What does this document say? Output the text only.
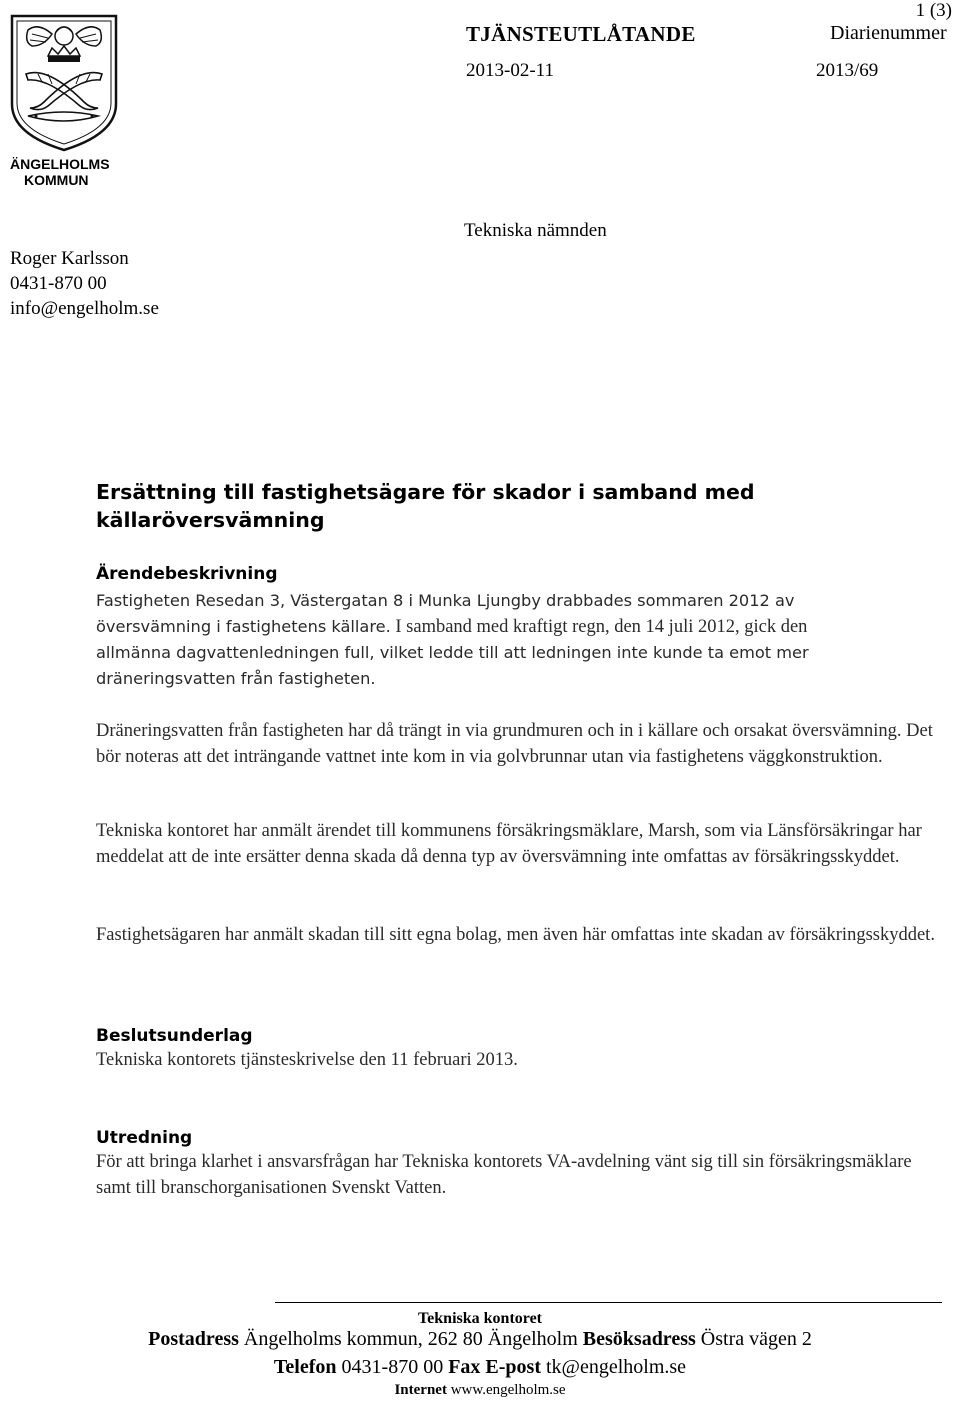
ÄNGELHOLMS
KOMMUN
1 (3)
TJÄNSTEUTLÅTANDE	Diarienummer
2013-02-11	2013/69
Roger Karlsson
0431-870 00
info@engelholm.se
Tekniska nämnden
Ersättning till fastighetsägare för skador i samband med
källaröversvämning
Ärendebeskrivning
Fastigheten Resedan 3, Västergatan 8 i Munka Ljungby drabbades sommaren 2012 av
översvämning i fastighetens källare. I samband med kraftigt regn, den 14 juli 2012, gick den
allmänna dagvattenledningen full, vilket ledde till att ledningen inte kunde ta emot mer
dräneringsvatten från fastigheten.
Dräneringsvatten från fastigheten har då trängt in via grundmuren och in i källare och orsakat översvämning. Det bör noteras att det inträngande vattnet inte kom in via golvbrunnar utan via fastighetens väggkonstruktion.
Tekniska kontoret har anmält ärendet till kommunens försäkringsmäklare, Marsh, som via Länsförsäkringar har meddelat att de inte ersätter denna skada då denna typ av översvämning inte omfattas av försäkringsskyddet.
Fastighetsägaren har anmält skadan till sitt egna bolag, men även här omfattas inte skadan av försäkringsskyddet.
Beslutsunderlag
Tekniska kontorets tjänsteskrivelse den 11 februari 2013.
Utredning
För att bringa klarhet i ansvarsfrågan har Tekniska kontorets VA-avdelning vänt sig till sin försäkringsmäklare samt till branschorganisationen Svenskt Vatten.
Tekniska kontoret
Postadress Ängelholms kommun, 262 80 Ängelholm Besöksadress Östra vägen 2
Telefon 0431-870 00 Fax E-post tk@engelholm.se
Internet www.engelholm.se
